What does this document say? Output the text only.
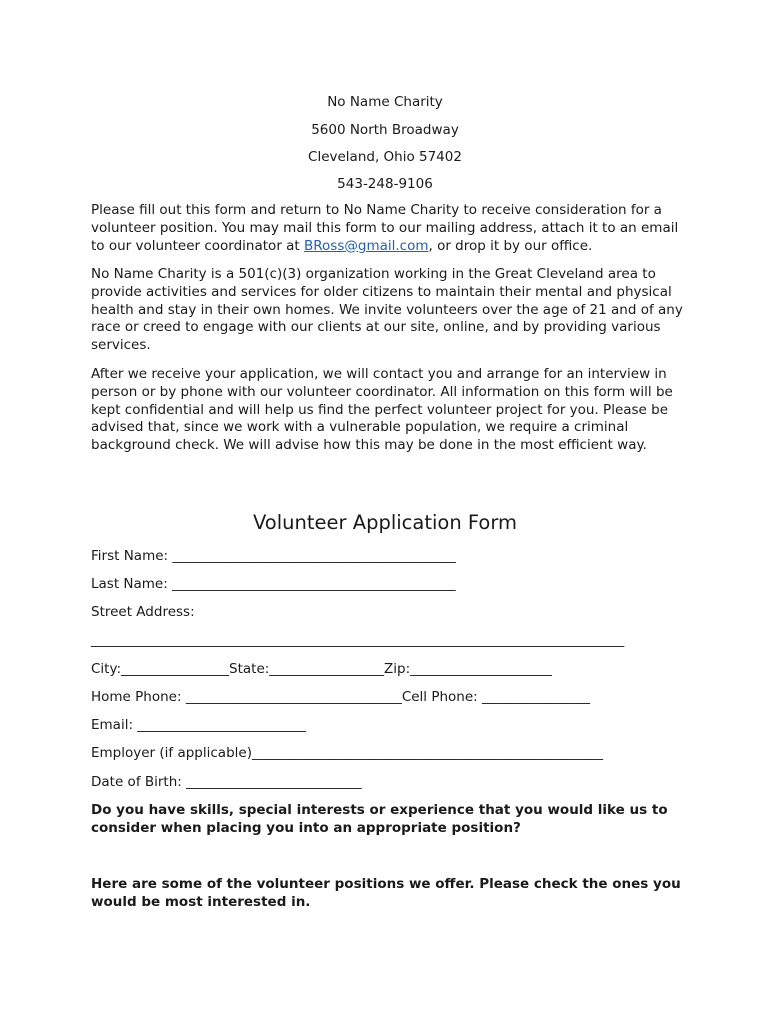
No Name Charity
5600 North Broadway
Cleveland, Ohio 57402
543-248-9106

Please fill out this form and return to No Name Charity to receive consideration for a volunteer position. You may mail this form to our mailing address, attach it to an email to our volunteer coordinator at BRoss@gmail.com, or drop it by our office.

No Name Charity is a 501(c)(3) organization working in the Great Cleveland area to provide activities and services for older citizens to maintain their mental and physical health and stay in their own homes. We invite volunteers over the age of 21 and of any race or creed to engage with our clients at our site, online, and by providing various services.

After we receive your application, we will contact you and arrange for an interview in person or by phone with our volunteer coordinator. All information on this form will be kept confidential and will help us find the perfect volunteer project for you. Please be advised that, since we work with a vulnerable population, we require a criminal background check. We will advise how this may be done in the most efficient way.

Volunteer Application Form
First Name: __________________________________________
Last Name: __________________________________________
Street Address:
_______________________________________________________________________________
City:________________State:_________________Zip:_____________________
Home Phone: ________________________________Cell Phone: ________________
Email: _________________________
Employer (if applicable)____________________________________________________
Date of Birth: __________________________

Do you have skills, special interests or experience that you would like us to consider when placing you into an appropriate position?

Here are some of the volunteer positions we offer. Please check the ones you would be most interested in.
